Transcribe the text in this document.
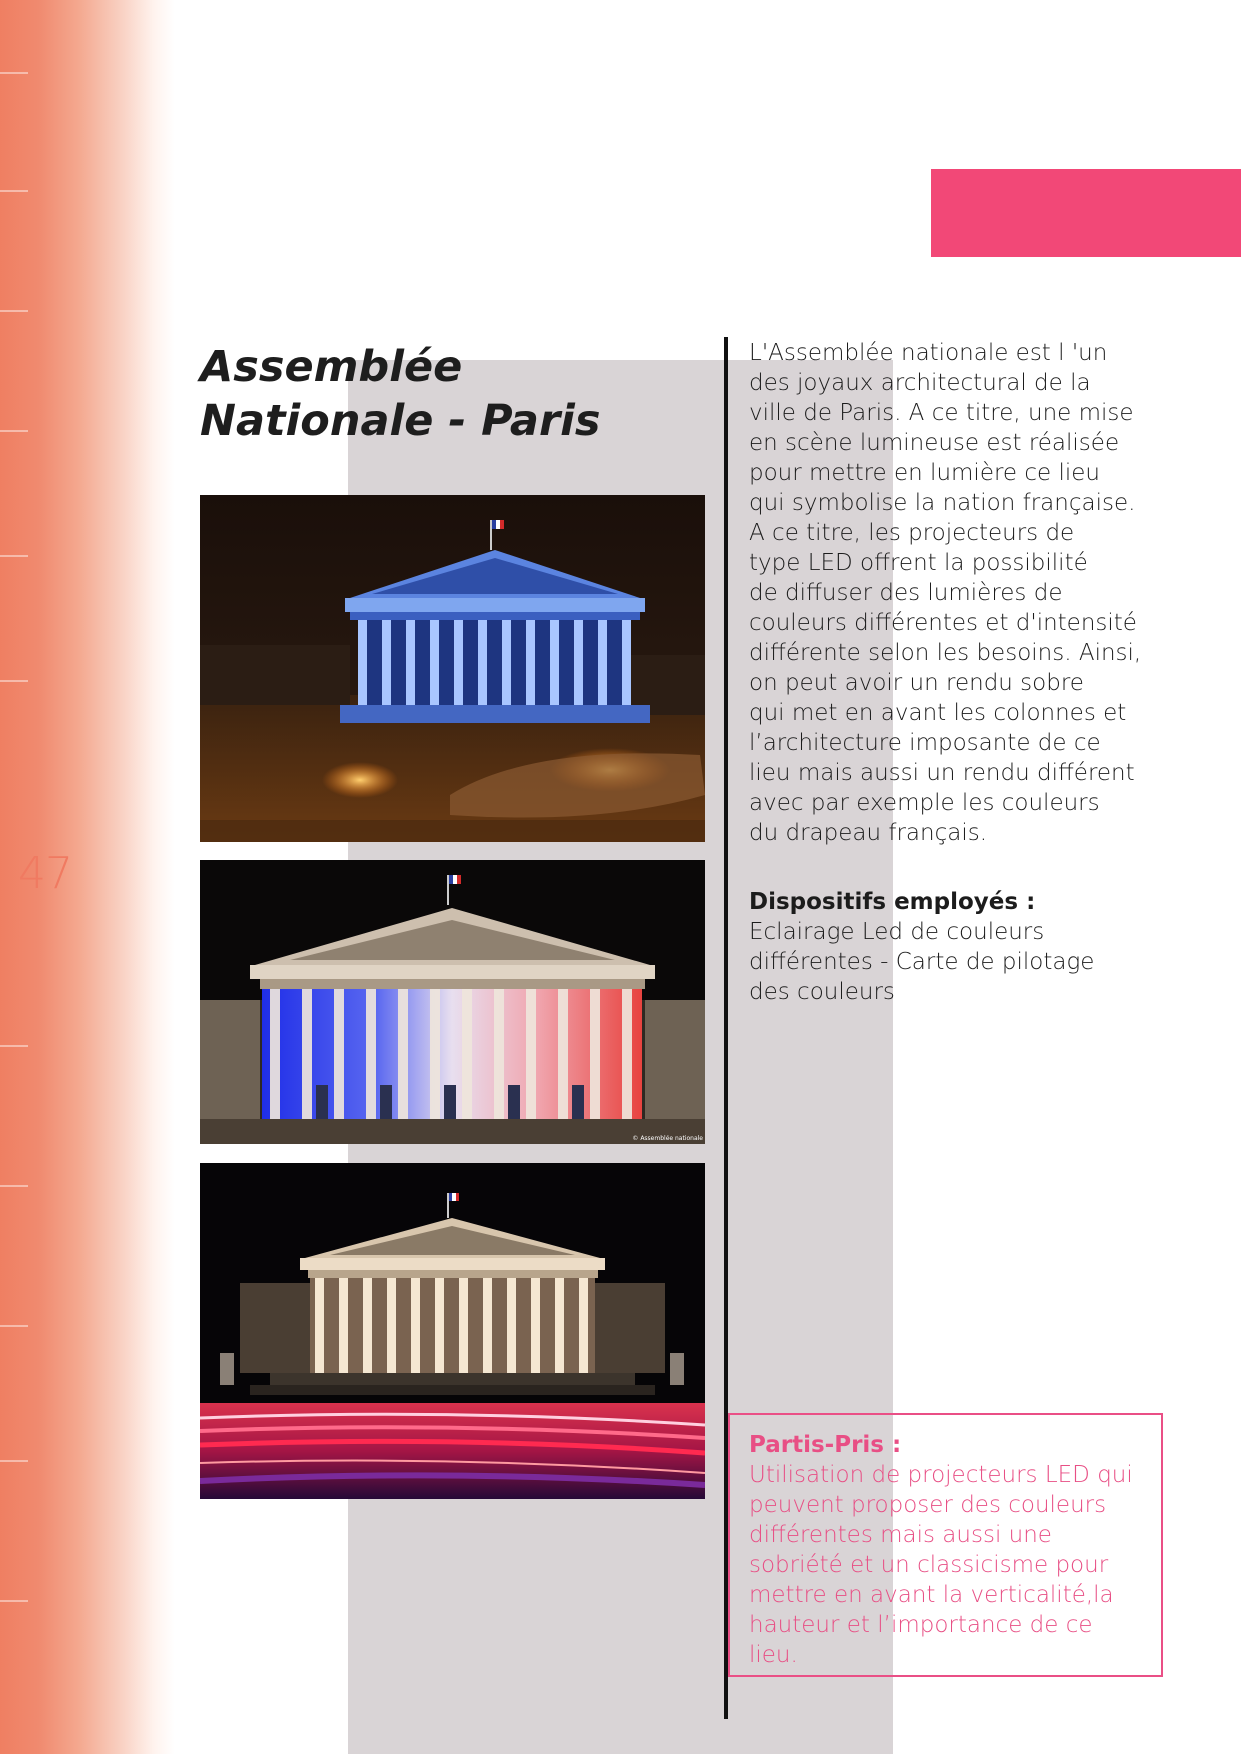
47
Assemblée
Nationale - Paris
© Assemblée nationale

L'Assemblée nationale est l 'un
des joyaux architectural de la
ville de Paris. A ce titre, une mise
en scène lumineuse est réalisée
pour mettre en lumière ce lieu
qui symbolise la nation française.
A ce titre, les projecteurs de
type LED offrent la possibilité
de diffuser des lumières de
couleurs différentes et d'intensité
différente selon les besoins. Ainsi,
on peut avoir un rendu sobre
qui met en avant les colonnes et
l’architecture imposante de ce
lieu mais aussi un rendu différent
avec par exemple les couleurs
du drapeau français.

Dispositifs employés :

Eclairage Led de couleurs
différentes - Carte de pilotage
des couleurs

Partis-Pris :

Utilisation de projecteurs LED qui
peuvent proposer des couleurs
différentes mais aussi une
sobriété et un classicisme pour
mettre en avant la verticalité,la
hauteur et l’importance de ce
lieu.
